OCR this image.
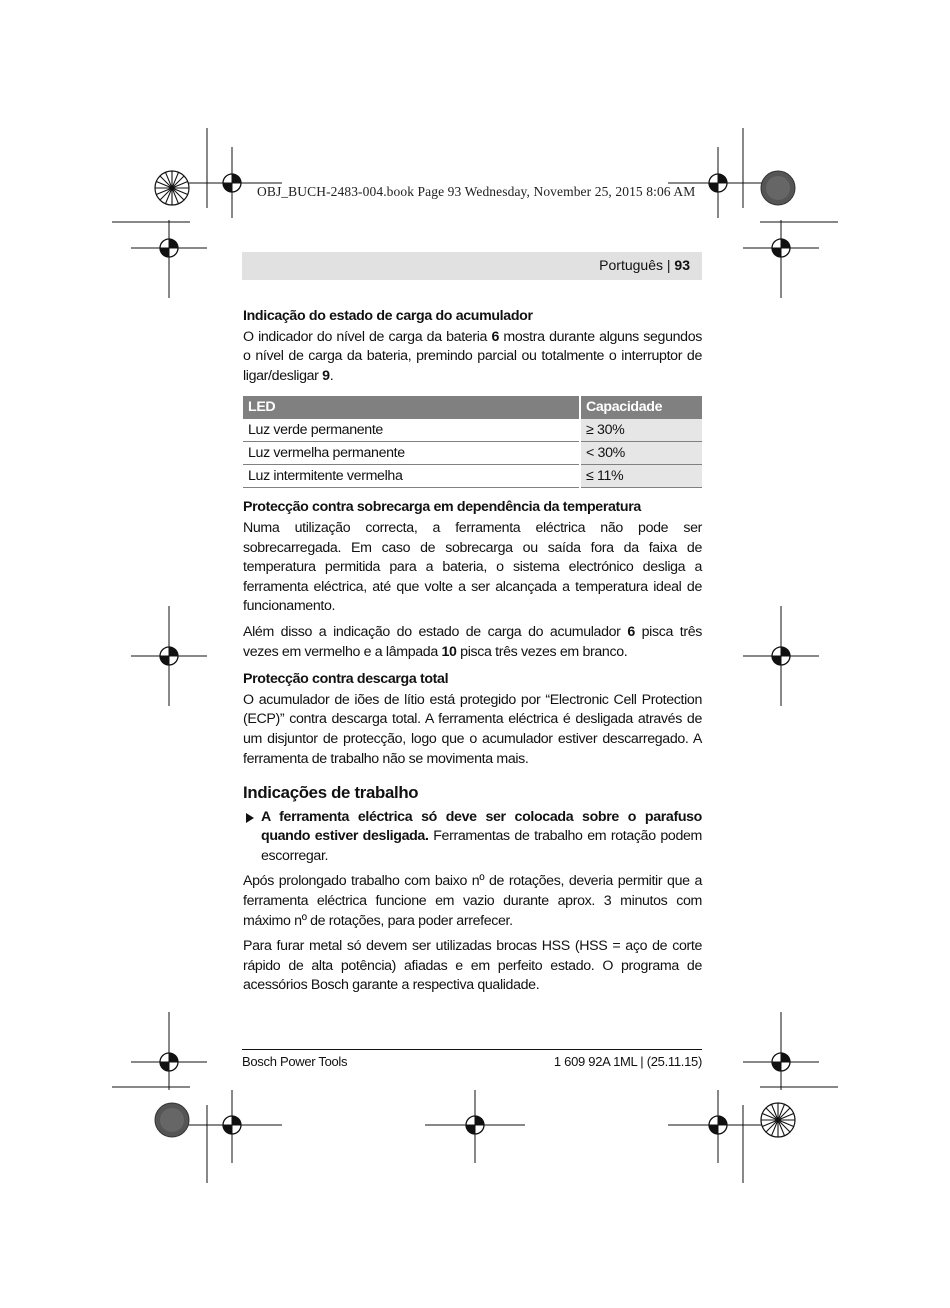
OBJ_BUCH-2483-004.book Page 93 Wednesday, November 25, 2015 8:06 AM
Português | 93
Indicação do estado de carga do acumulador

O indicador do nível de carga da bateria 6 mostra durante alguns segundos o nível de carga da bateria, premindo parcial ou totalmente o interruptor de ligar/desligar 9.

LED	Capacidade
Luz verde permanente	≥ 30%
Luz vermelha permanente	< 30%
Luz intermitente vermelha	≤ 11%
Protecção contra sobrecarga em dependência da temperatura

Numa utilização correcta, a ferramenta eléctrica não pode ser sobrecarregada. Em caso de sobrecarga ou saída fora da faixa de temperatura permitida para a bateria, o sistema electrónico desliga a ferramenta eléctrica, até que volte a ser alcançada a temperatura ideal de funcionamento.

Além disso a indicação do estado de carga do acumulador 6 pisca três vezes em vermelho e a lâmpada 10 pisca três vezes em branco.

Protecção contra descarga total

O acumulador de iões de lítio está protegido por “Electronic Cell Protection (ECP)” contra descarga total. A ferramenta eléctrica é desligada através de um disjuntor de protecção, logo que o acumulador estiver descarregado. A ferramenta de trabalho não se movimenta mais.

Indicações de trabalho
A ferramenta eléctrica só deve ser colocada sobre o parafuso quando estiver desligada. Ferramentas de trabalho em rotação podem escorregar.

Após prolongado trabalho com baixo nº de rotações, deveria permitir que a ferramenta eléctrica funcione em vazio durante aprox. 3 minutos com máximo nº de rotações, para poder arrefecer.

Para furar metal só devem ser utilizadas brocas HSS (HSS = aço de corte rápido de alta potência) afiadas e em perfeito estado. O programa de acessórios Bosch garante a respectiva qualidade.

Bosch Power Tools	1 609 92A 1ML | (25.11.15)
